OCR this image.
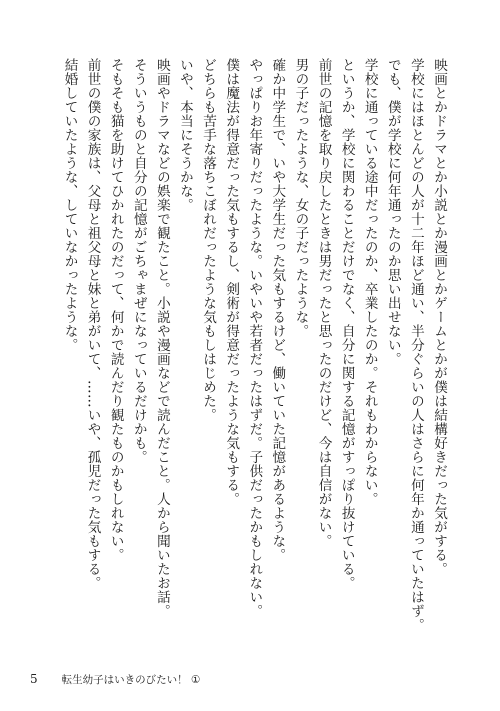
映画とかドラマとか小説とか漫画とかゲームとかが僕は結構好きだった気がする。

学校にはほとんどの人が十二年ほど通い、半分ぐらいの人はさらに何年か通っていたはず。

でも、僕が学校に何年通ったのか思い出せない。

学校に通っている途中だったのか、卒業したのか。それもわからない。

というか、学校に関わることだけでなく、自分に関する記憶がすっぽり抜けている。

前世の記憶を取り戻したときは男だったと思ったのだけど、今は自信がない。

男の子だったような、女の子だったような。

確か中学生で、いや大学生だった気もするけど、働いていた記憶があるような。

やっぱりお年寄りだったような。いやいや若者だったはずだ。子供だったかもしれない。

僕は魔法が得意だった気もするし、剣術が得意だったような気もする。

どちらも苦手な落ちこぼれだったような気もしはじめた。

いや、本当にそうかな。

映画やドラマなどの娯楽で観たこと。小説や漫画などで読んだこと。人から聞いたお話。

そういうものと自分の記憶がごちゃまぜになっているだけかも。

そもそも猫を助けてひかれたのだって、何かで読んだり観たものかもしれない。

前世の僕の家族は、父母と祖父母と妹と弟がいて、……いや、孤児だった気もする。

結婚していたような、していなかったような。

5 転生幼子はいきのびたい！ ①
